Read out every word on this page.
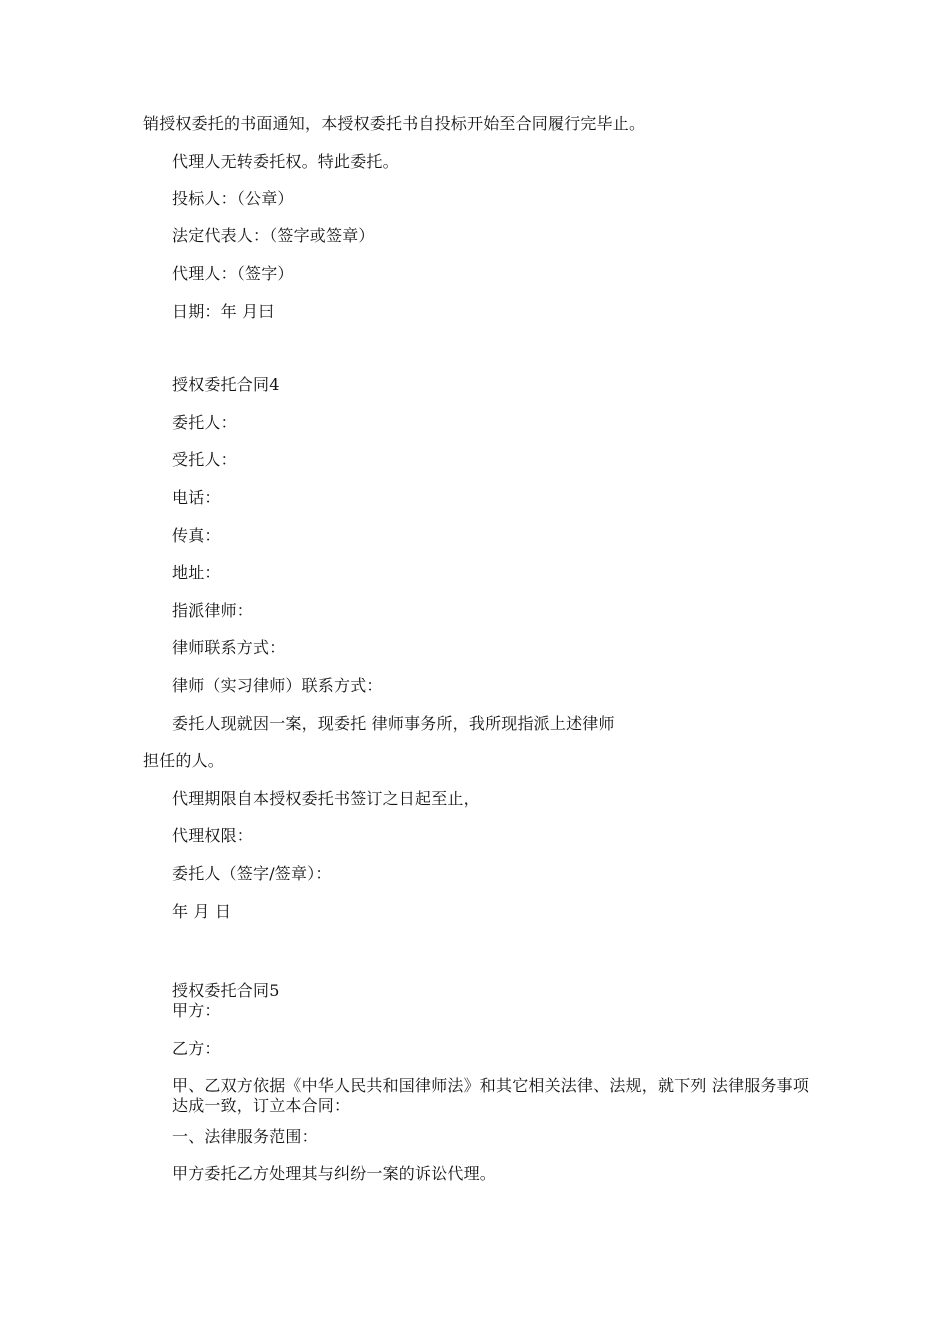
销授权委托的书面通知，本授权委托书自投标开始至合同履行完毕止。
代理人无转委托权。特此委托。
投标人：（公章）
法定代表人：（签字或签章）
代理人：（签字）
日期：年 月曰
授权委托合同4
委托人：
受托人：
电话：
传真：
地址：
指派律师：
律师联系方式：
律师（实习律师）联系方式：
委托人现就因一案，现委托 律师事务所，我所现指派上述律师
担任的人。
代理期限自本授权委托书签订之日起至止，
代理权限：
委托人（签字/签章）：
年 月 日
授权委托合同5
甲方：
乙方：
甲、乙双方依据《中华人民共和国律师法》和其它相关法律、法规，就下列 法律服务事项达成一致，订立本合同：
一、法律服务范围：
甲方委托乙方处理其与纠纷一案的诉讼代理。
